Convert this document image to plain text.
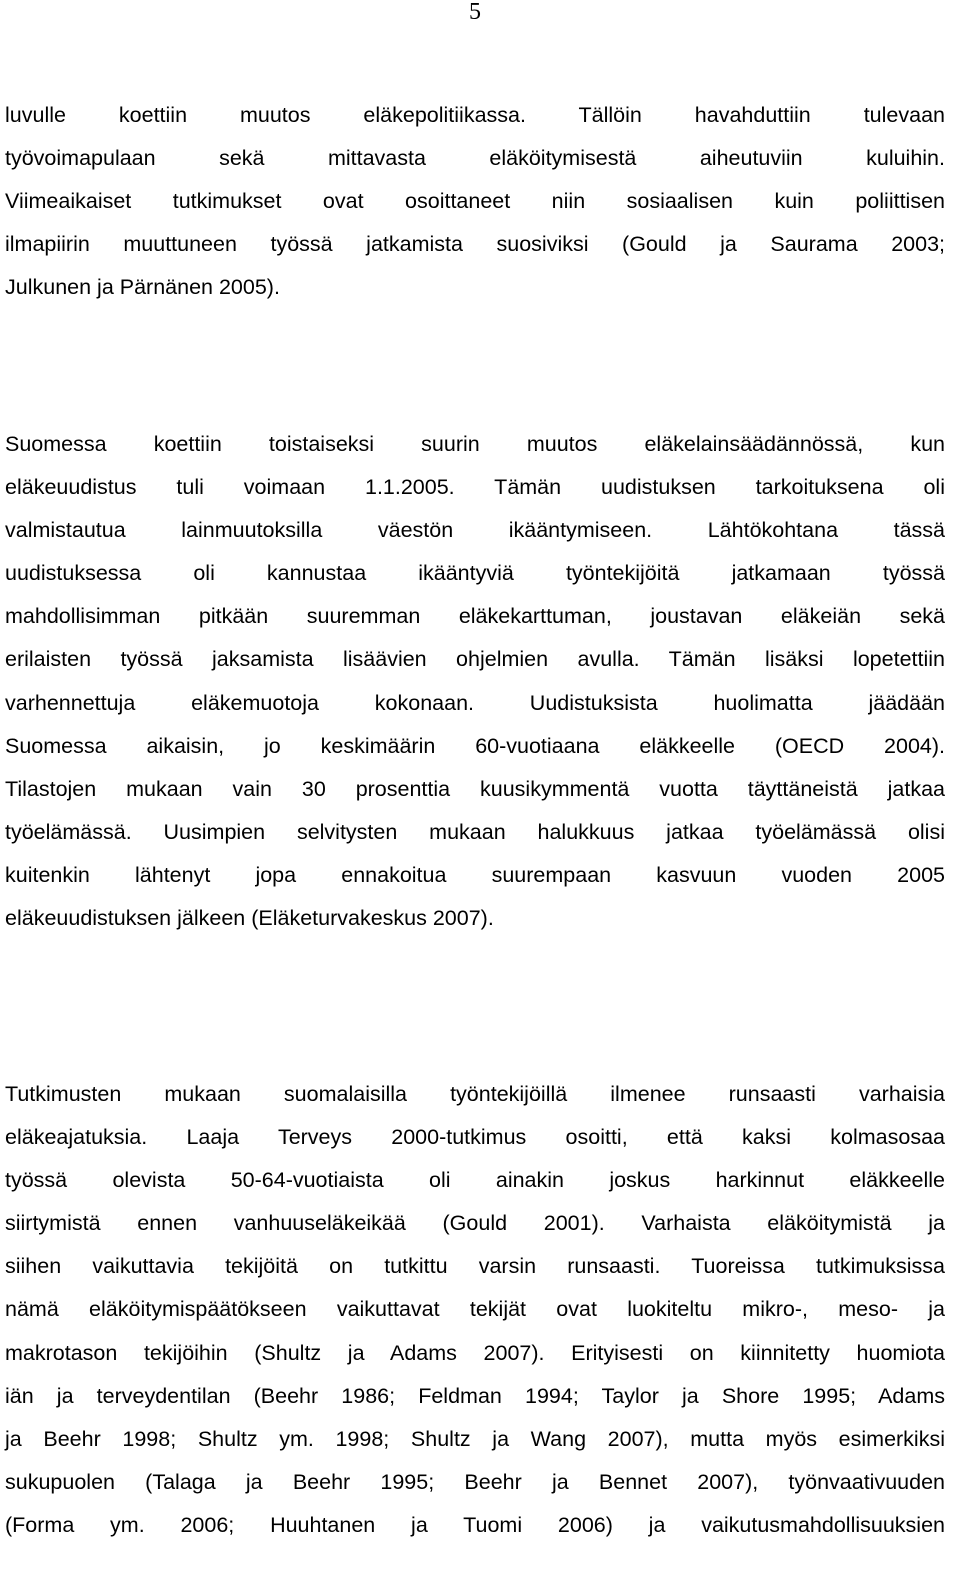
5

luvulle koettiin muutos eläkepolitiikassa. Tällöin havahduttiin tulevaan
työvoimapulaan sekä mittavasta eläköitymisestä aiheutuviin kuluihin.
Viimeaikaiset tutkimukset ovat osoittaneet niin sosiaalisen kuin poliittisen
ilmapiirin muuttuneen työssä jatkamista suosiviksi (Gould ja Saurama 2003;
Julkunen ja Pärnänen 2005).

Suomessa koettiin toistaiseksi suurin muutos eläkelainsäädännössä, kun
eläkeuudistus tuli voimaan 1.1.2005. Tämän uudistuksen tarkoituksena oli
valmistautua lainmuutoksilla väestön ikääntymiseen. Lähtökohtana tässä
uudistuksessa oli kannustaa ikääntyviä työntekijöitä jatkamaan työssä
mahdollisimman pitkään suuremman eläkekarttuman, joustavan eläkeiän sekä
erilaisten työssä jaksamista lisäävien ohjelmien avulla. Tämän lisäksi lopetettiin
varhennettuja eläkemuotoja kokonaan. Uudistuksista huolimatta jäädään
Suomessa aikaisin, jo keskimäärin 60-vuotiaana eläkkeelle (OECD 2004).
Tilastojen mukaan vain 30 prosenttia kuusikymmentä vuotta täyttäneistä jatkaa
työelämässä. Uusimpien selvitysten mukaan halukkuus jatkaa työelämässä olisi
kuitenkin lähtenyt jopa ennakoitua suurempaan kasvuun vuoden 2005
eläkeuudistuksen jälkeen (Eläketurvakeskus 2007).

Tutkimusten mukaan suomalaisilla työntekijöillä ilmenee runsaasti varhaisia
eläkeajatuksia. Laaja Terveys 2000-tutkimus osoitti, että kaksi kolmasosaa
työssä olevista 50-64-vuotiaista oli ainakin joskus harkinnut eläkkeelle
siirtymistä ennen vanhuuseläkeikää (Gould 2001). Varhaista eläköitymistä ja
siihen vaikuttavia tekijöitä on tutkittu varsin runsaasti. Tuoreissa tutkimuksissa
nämä eläköitymispäätökseen vaikuttavat tekijät ovat luokiteltu mikro-, meso- ja
makrotason tekijöihin (Shultz ja Adams 2007). Erityisesti on kiinnitetty huomiota
iän ja terveydentilan (Beehr 1986; Feldman 1994; Taylor ja Shore 1995; Adams
ja Beehr 1998; Shultz ym. 1998; Shultz ja Wang 2007), mutta myös esimerkiksi
sukupuolen (Talaga ja Beehr 1995; Beehr ja Bennet 2007), työnvaativuuden
(Forma ym. 2006; Huuhtanen ja Tuomi 2006) ja vaikutusmahdollisuuksien
